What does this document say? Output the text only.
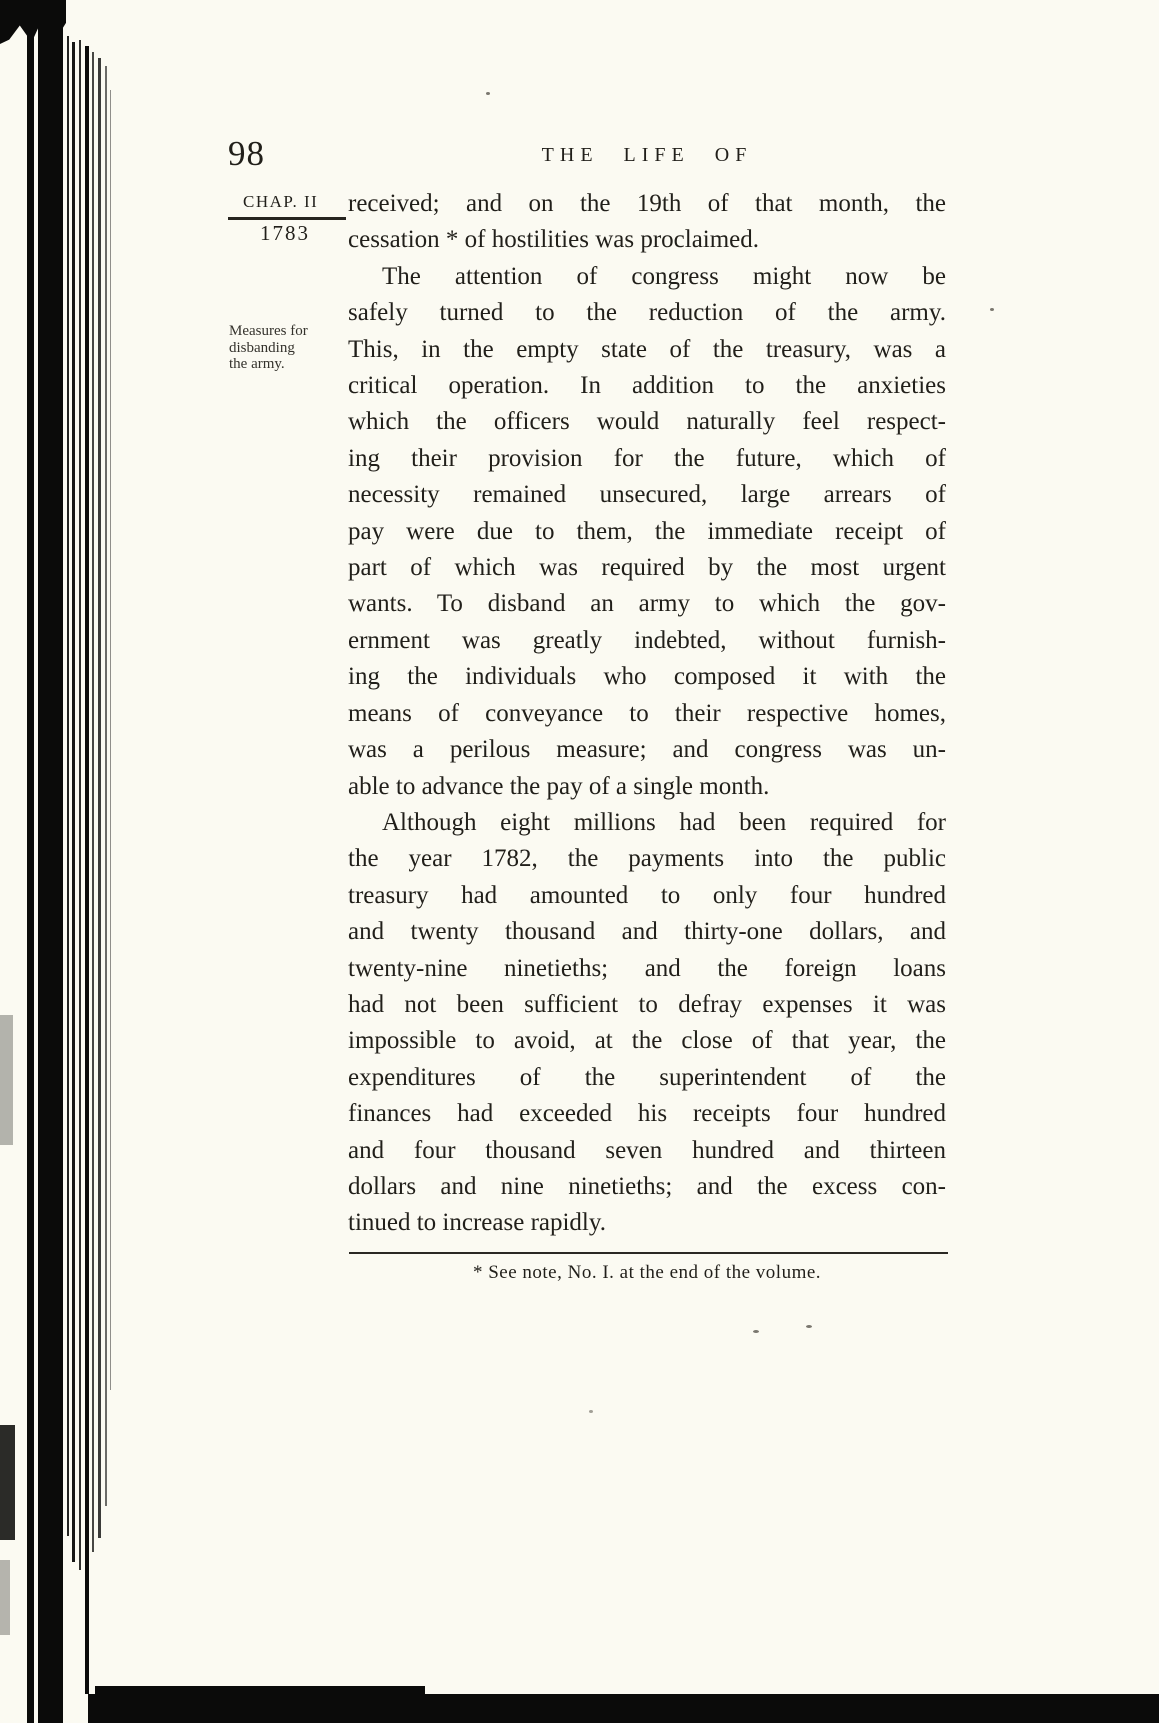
98	THE LIFE OF
CHAP. II
1783
Measures for
disbanding
the army.
received; and on the 19th of that month, the
cessation * of hostilities was proclaimed.
The attention of congress might now be
safely turned to the reduction of the army.
This, in the empty state of the treasury, was a
critical operation. In addition to the anxieties
which the officers would naturally feel respect-
ing their provision for the future, which of
necessity remained unsecured, large arrears of
pay were due to them, the immediate receipt of
part of which was required by the most urgent
wants. To disband an army to which the gov-
ernment was greatly indebted, without furnish-
ing the individuals who composed it with the
means of conveyance to their respective homes,
was a perilous measure; and congress was un-
able to advance the pay of a single month.
Although eight millions had been required for
the year 1782, the payments into the public
treasury had amounted to only four hundred
and twenty thousand and thirty-one dollars, and
twenty-nine ninetieths; and the foreign loans
had not been sufficient to defray expenses it was
impossible to avoid, at the close of that year, the
expenditures of the superintendent of the
finances had exceeded his receipts four hundred
and four thousand seven hundred and thirteen
dollars and nine ninetieths; and the excess con-
tinued to increase rapidly.
* See note, No. I. at the end of the volume.
